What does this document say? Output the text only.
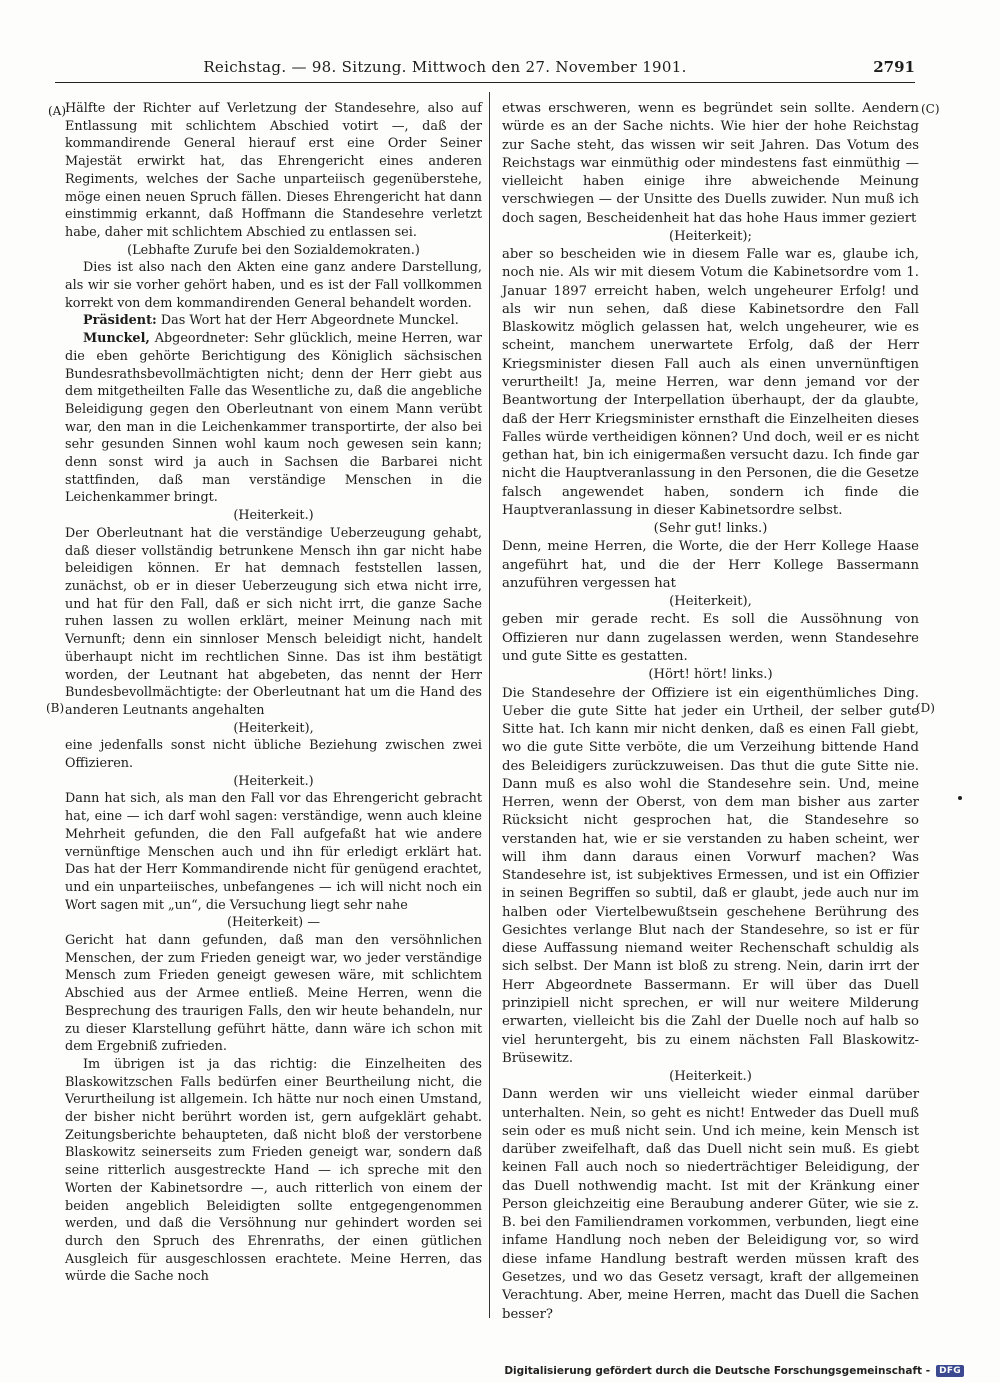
Reichstag. — 98. Sitzung. Mittwoch den 27. November 1901.	2791

Hälfte der Richter auf Verletzung der Standesehre, also auf Entlassung mit schlichtem Abschied votirt —, daß der kommandirende General hierauf erst eine Order Seiner Majestät erwirkt hat, das Ehrengericht eines anderen Regiments, welches der Sache unparteiisch gegenüberstehe, möge einen neuen Spruch fällen. Dieses Ehrengericht hat dann einstimmig erkannt, daß Hoffmann die Standesehre verletzt habe, daher mit schlichtem Abschied zu entlassen sei.

(Lebhafte Zurufe bei den Sozialdemokraten.)

Dies ist also nach den Akten eine ganz andere Darstellung, als wir sie vorher gehört haben, und es ist der Fall vollkommen korrekt von dem kommandirenden General behandelt worden.

Präsident: Das Wort hat der Herr Abgeordnete Munckel.

Munckel, Abgeordneter: Sehr glücklich, meine Herren, war die eben gehörte Berichtigung des Königlich sächsischen Bundesrathsbevollmächtigten nicht; denn der Herr giebt aus dem mitgetheilten Falle das Wesentliche zu, daß die angebliche Beleidigung gegen den Oberleutnant von einem Mann verübt war, den man in die Leichenkammer transportirte, der also bei sehr gesunden Sinnen wohl kaum noch gewesen sein kann; denn sonst wird ja auch in Sachsen die Barbarei nicht stattfinden, daß man verständige Menschen in die Leichenkammer bringt.

(Heiterkeit.)

Der Oberleutnant hat die verständige Ueberzeugung gehabt, daß dieser vollständig betrunkene Mensch ihn gar nicht habe beleidigen können. Er hat demnach feststellen lassen, zunächst, ob er in dieser Ueberzeugung sich etwa nicht irre, und hat für den Fall, daß er sich nicht irrt, die ganze Sache ruhen lassen zu wollen erklärt, meiner Meinung nach mit Vernunft; denn ein sinnloser Mensch beleidigt nicht, handelt überhaupt nicht im rechtlichen Sinne. Das ist ihm bestätigt worden, der Leutnant hat abgebeten, das nennt der Herr Bundesbevollmächtigte: der Oberleutnant hat um die Hand des anderen Leutnants angehalten

(Heiterkeit),

eine jedenfalls sonst nicht übliche Beziehung zwischen zwei Offizieren.

(Heiterkeit.)

Dann hat sich, als man den Fall vor das Ehrengericht gebracht hat, eine — ich darf wohl sagen: verständige, wenn auch kleine Mehrheit gefunden, die den Fall aufgefaßt hat wie andere vernünftige Menschen auch und ihn für erledigt erklärt hat. Das hat der Herr Kommandirende nicht für genügend erachtet, und ein unparteiisches, unbefangenes — ich will nicht noch ein Wort sagen mit „un“, die Versuchung liegt sehr nahe

(Heiterkeit) —

Gericht hat dann gefunden, daß man den versöhnlichen Menschen, der zum Frieden geneigt war, wo jeder verständige Mensch zum Frieden geneigt gewesen wäre, mit schlichtem Abschied aus der Armee entließ. Meine Herren, wenn die Besprechung des traurigen Falls, den wir heute behandeln, nur zu dieser Klarstellung geführt hätte, dann wäre ich schon mit dem Ergebniß zufrieden.

Im übrigen ist ja das richtig: die Einzelheiten des Blaskowitzschen Falls bedürfen einer Beurtheilung nicht, die Verurtheilung ist allgemein. Ich hätte nur noch einen Umstand, der bisher nicht berührt worden ist, gern aufgeklärt gehabt. Zeitungsberichte behaupteten, daß nicht bloß der verstorbene Blaskowitz seinerseits zum Frieden geneigt war, sondern daß seine ritterlich ausgestreckte Hand — ich spreche mit den Worten der Kabinetsordre —, auch ritterlich von einem der beiden angeblich Beleidigten sollte entgegengenommen werden, und daß die Versöhnung nur gehindert worden sei durch den Spruch des Ehrenraths, der einen gütlichen Ausgleich für ausgeschlossen erachtete. Meine Herren, das würde die Sache noch

etwas erschweren, wenn es begründet sein sollte. Aendern würde es an der Sache nichts. Wie hier der hohe Reichstag zur Sache steht, das wissen wir seit Jahren. Das Votum des Reichstags war einmüthig oder mindestens fast einmüthig — vielleicht haben einige ihre abweichende Meinung verschwiegen — der Unsitte des Duells zuwider. Nun muß ich doch sagen, Bescheidenheit hat das hohe Haus immer geziert

(Heiterkeit);

aber so bescheiden wie in diesem Falle war es, glaube ich, noch nie. Als wir mit diesem Votum die Kabinetsordre vom 1. Januar 1897 erreicht haben, welch ungeheurer Erfolg! und als wir nun sehen, daß diese Kabinetsordre den Fall Blaskowitz möglich gelassen hat, welch ungeheurer, wie es scheint, manchem unerwartete Erfolg, daß der Herr Kriegsminister diesen Fall auch als einen unvernünftigen verurtheilt! Ja, meine Herren, war denn jemand vor der Beantwortung der Interpellation überhaupt, der da glaubte, daß der Herr Kriegsminister ernsthaft die Einzelheiten dieses Falles würde vertheidigen können? Und doch, weil er es nicht gethan hat, bin ich einigermaßen versucht dazu. Ich finde gar nicht die Hauptveranlassung in den Personen, die die Gesetze falsch angewendet haben, sondern ich finde die Hauptveranlassung in dieser Kabinetsordre selbst.

(Sehr gut! links.)

Denn, meine Herren, die Worte, die der Herr Kollege Haase angeführt hat, und die der Herr Kollege Bassermann anzuführen vergessen hat

(Heiterkeit),

geben mir gerade recht. Es soll die Aussöhnung von Offizieren nur dann zugelassen werden, wenn Standesehre und gute Sitte es gestatten.

(Hört! hört! links.)

Die Standesehre der Offiziere ist ein eigenthümliches Ding. Ueber die gute Sitte hat jeder ein Urtheil, der selber gute Sitte hat. Ich kann mir nicht denken, daß es einen Fall giebt, wo die gute Sitte verböte, die um Verzeihung bittende Hand des Beleidigers zurückzuweisen. Das thut die gute Sitte nie. Dann muß es also wohl die Standesehre sein. Und, meine Herren, wenn der Oberst, von dem man bisher aus zarter Rücksicht nicht gesprochen hat, die Standesehre so verstanden hat, wie er sie verstanden zu haben scheint, wer will ihm dann daraus einen Vorwurf machen? Was Standesehre ist, ist subjektives Ermessen, und ist ein Offizier in seinen Begriffen so subtil, daß er glaubt, jede auch nur im halben oder Viertelbewußtsein geschehene Berührung des Gesichtes verlange Blut nach der Standesehre, so ist er für diese Auffassung niemand weiter Rechenschaft schuldig als sich selbst. Der Mann ist bloß zu streng. Nein, darin irrt der Herr Abgeordnete Bassermann. Er will über das Duell prinzipiell nicht sprechen, er will nur weitere Milderung erwarten, vielleicht bis die Zahl der Duelle noch auf halb so viel heruntergeht, bis zu einem nächsten Fall Blaskowitz-Brüsewitz.

(Heiterkeit.)

Dann werden wir uns vielleicht wieder einmal darüber unterhalten. Nein, so geht es nicht! Entweder das Duell muß sein oder es muß nicht sein. Und ich meine, kein Mensch ist darüber zweifelhaft, daß das Duell nicht sein muß. Es giebt keinen Fall auch noch so niederträchtiger Beleidigung, der das Duell nothwendig macht. Ist mit der Kränkung einer Person gleichzeitig eine Beraubung anderer Güter, wie sie z. B. bei den Familiendramen vorkommen, verbunden, liegt eine infame Handlung noch neben der Beleidigung vor, so wird diese infame Handlung bestraft werden müssen kraft des Gesetzes, und wo das Gesetz versagt, kraft der allgemeinen Verachtung. Aber, meine Herren, macht das Duell die Sachen besser?

(A)
(B)
(C)
(D)
Digitalisierung gefördert durch die Deutsche Forschungsgemeinschaft -	DFG
